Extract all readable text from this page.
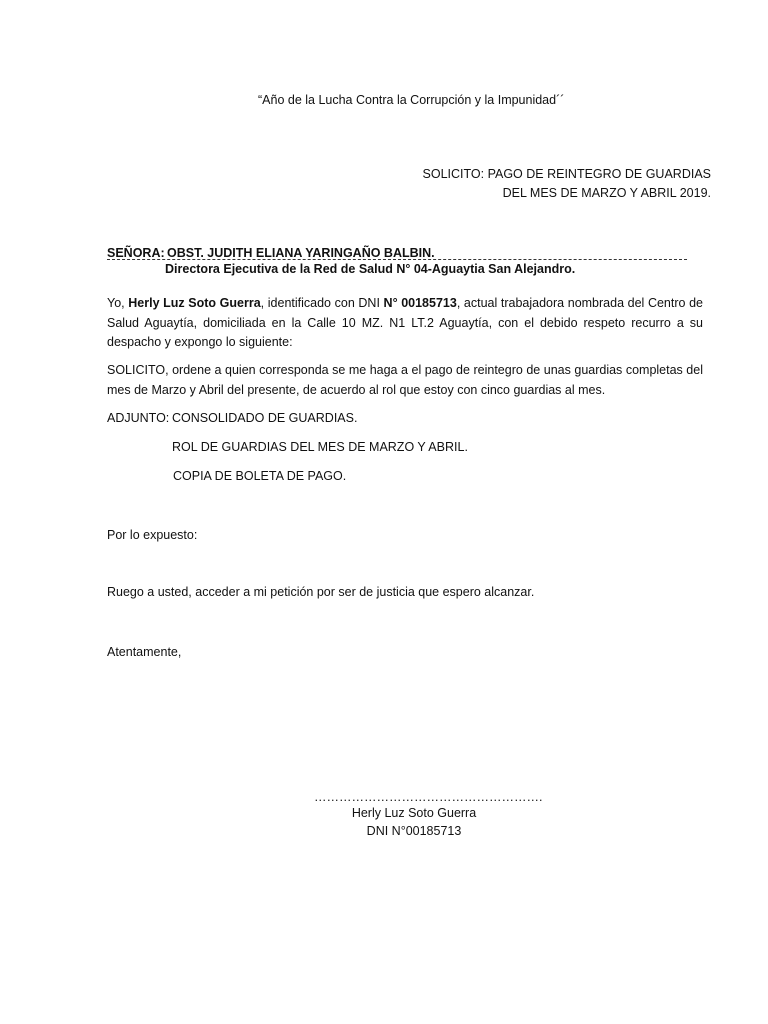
“Año de la Lucha Contra la Corrupción y la Impunidad´´
SOLICITO: PAGO DE REINTEGRO DE GUARDIAS
DEL MES DE MARZO Y ABRIL 2019.
SEÑORA: OBST. JUDITH ELIANA YARINGAÑO BALBIN.
Directora Ejecutiva de la Red de Salud N° 04-Aguaytia San Alejandro.
Yo, Herly Luz Soto Guerra, identificado con DNI N° 00185713, actual trabajadora nombrada del Centro de Salud Aguaytía, domiciliada en la Calle 10 MZ. N1 LT.2 Aguaytía, con el debido respeto recurro a su despacho y expongo lo siguiente:
SOLICITO, ordene a quien corresponda se me haga a el pago de reintegro de unas guardias completas del mes de Marzo y Abril del presente, de acuerdo al rol que estoy con cinco guardias al mes.
ADJUNTO: CONSOLIDADO DE GUARDIAS.
ROL DE GUARDIAS DEL MES DE MARZO Y ABRIL.
COPIA DE BOLETA DE PAGO.
Por lo expuesto:
Ruego a usted, acceder a mi petición por ser de justicia que espero alcanzar.
Atentamente,
……………………………………………….
Herly Luz Soto Guerra
DNI N°00185713
